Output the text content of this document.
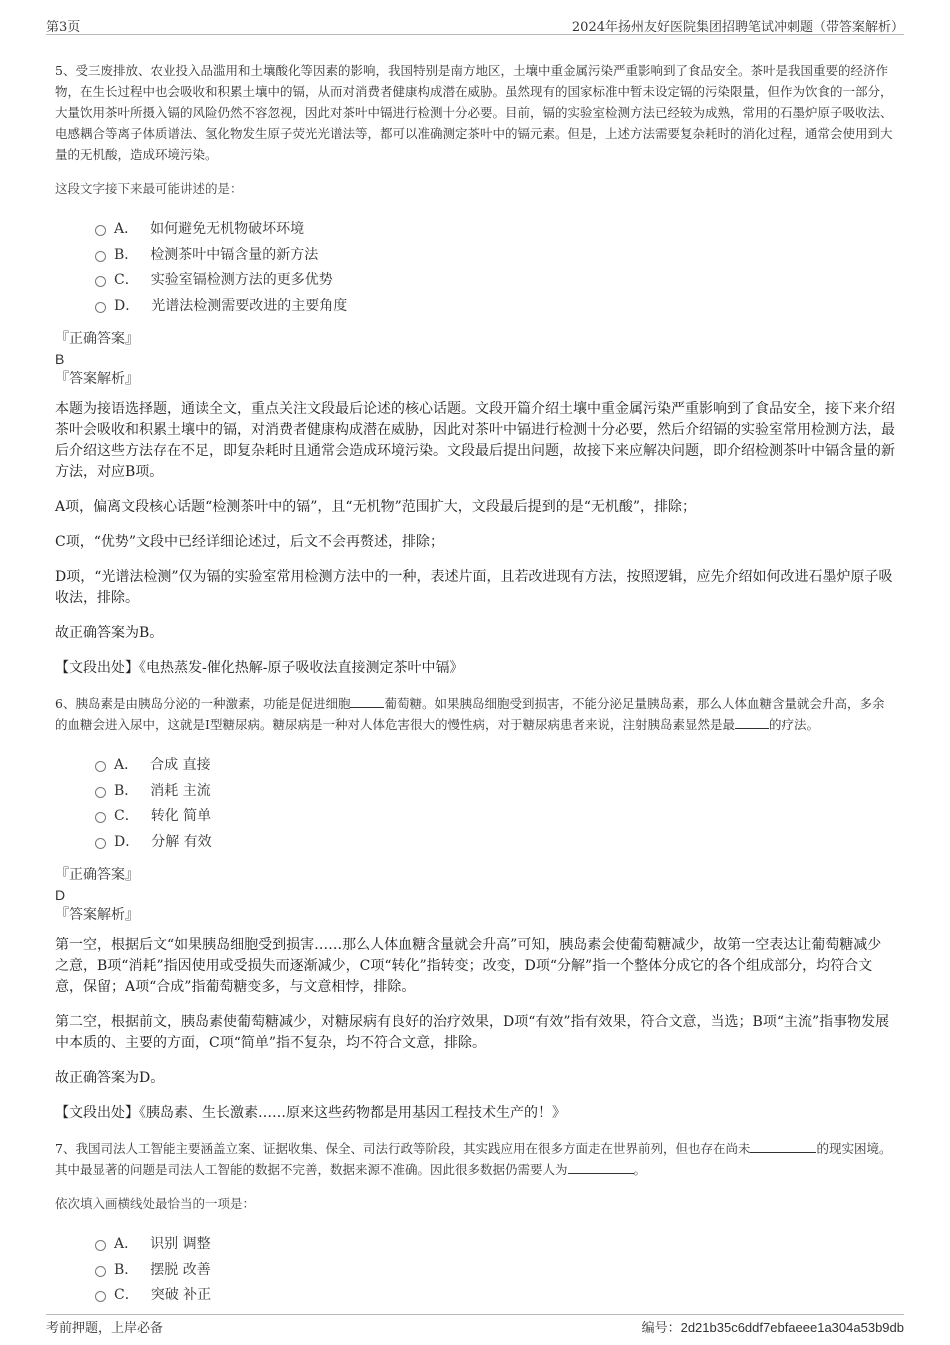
第3页	2024年扬州友好医院集团招聘笔试冲刺题（带答案解析）

5、受三废排放、农业投入品滥用和土壤酸化等因素的影响，我国特别是南方地区，土壤中重金属污染严重影响到了食品安全。茶叶是我国重要的经济作物，在生长过程中也会吸收和积累土壤中的镉，从而对消费者健康构成潜在威胁。虽然现有的国家标准中暂未设定镉的污染限量，但作为饮食的一部分，大量饮用茶叶所摄入镉的风险仍然不容忽视，因此对茶叶中镉进行检测十分必要。目前，镉的实验室检测方法已经较为成熟，常用的石墨炉原子吸收法、电感耦合等离子体质谱法、氢化物发生原子荧光光谱法等，都可以准确测定茶叶中的镉元素。但是，上述方法需要复杂耗时的消化过程，通常会使用到大量的无机酸，造成环境污染。

这段文字接下来最可能讲述的是：

A． 如何避免无机物破坏环境
B． 检测茶叶中镉含量的新方法
C． 实验室镉检测方法的更多优势
D． 光谱法检测需要改进的主要角度

『正确答案』

B

『答案解析』

本题为接语选择题，通读全文，重点关注文段最后论述的核心话题。文段开篇介绍土壤中重金属污染严重影响到了食品安全，接下来介绍茶叶会吸收和积累土壤中的镉，对消费者健康构成潜在威胁，因此对茶叶中镉进行检测十分必要，然后介绍镉的实验室常用检测方法，最后介绍这些方法存在不足，即复杂耗时且通常会造成环境污染。文段最后提出问题，故接下来应解决问题，即介绍检测茶叶中镉含量的新方法，对应B项。

A项，偏离文段核心话题“检测茶叶中的镉”，且“无机物”范围扩大，文段最后提到的是“无机酸”，排除；

C项，“优势”文段中已经详细论述过，后文不会再赘述，排除；

D项，“光谱法检测”仅为镉的实验室常用检测方法中的一种，表述片面，且若改进现有方法，按照逻辑，应先介绍如何改进石墨炉原子吸收法，排除。

故正确答案为B。

【文段出处】《电热蒸发-催化热解-原子吸收法直接测定茶叶中镉》

6、胰岛素是由胰岛分泌的一种激素，功能是促进细胞	葡萄糖。如果胰岛细胞受到损害，不能分泌足量胰岛素，那么人体血糖含量就会升高，多余的血糖会进入尿中，这就是I型糖尿病。糖尿病是一种对人体危害很大的慢性病，对于糖尿病患者来说，注射胰岛素显然是最	的疗法。

A． 合成 直接
B． 消耗 主流
C． 转化 简单
D． 分解 有效

『正确答案』

D

『答案解析』

第一空，根据后文“如果胰岛细胞受到损害……那么人体血糖含量就会升高”可知，胰岛素会使葡萄糖减少，故第一空表达让葡萄糖减少之意，B项“消耗”指因使用或受损失而逐渐减少，C项“转化”指转变；改变，D项“分解”指一个整体分成它的各个组成部分，均符合文意，保留；A项“合成”指葡萄糖变多，与文意相悖，排除。

第二空，根据前文，胰岛素使葡萄糖减少，对糖尿病有良好的治疗效果，D项“有效”指有效果，符合文意，当选；B项“主流”指事物发展中本质的、主要的方面，C项“简单”指不复杂，均不符合文意，排除。

故正确答案为D。

【文段出处】《胰岛素、生长激素……原来这些药物都是用基因工程技术生产的！》

7、我国司法人工智能主要涵盖立案、证据收集、保全、司法行政等阶段，其实践应用在很多方面走在世界前列，但也存在尚未	的现实困境。其中最显著的问题是司法人工智能的数据不完善，数据来源不准确。因此很多数据仍需要人为	。

依次填入画横线处最恰当的一项是：

A． 识别 调整
B． 摆脱 改善
C． 突破 补正
考前押题，上岸必备	编号：2d21b35c6ddf7ebfaeee1a304a53b9db
